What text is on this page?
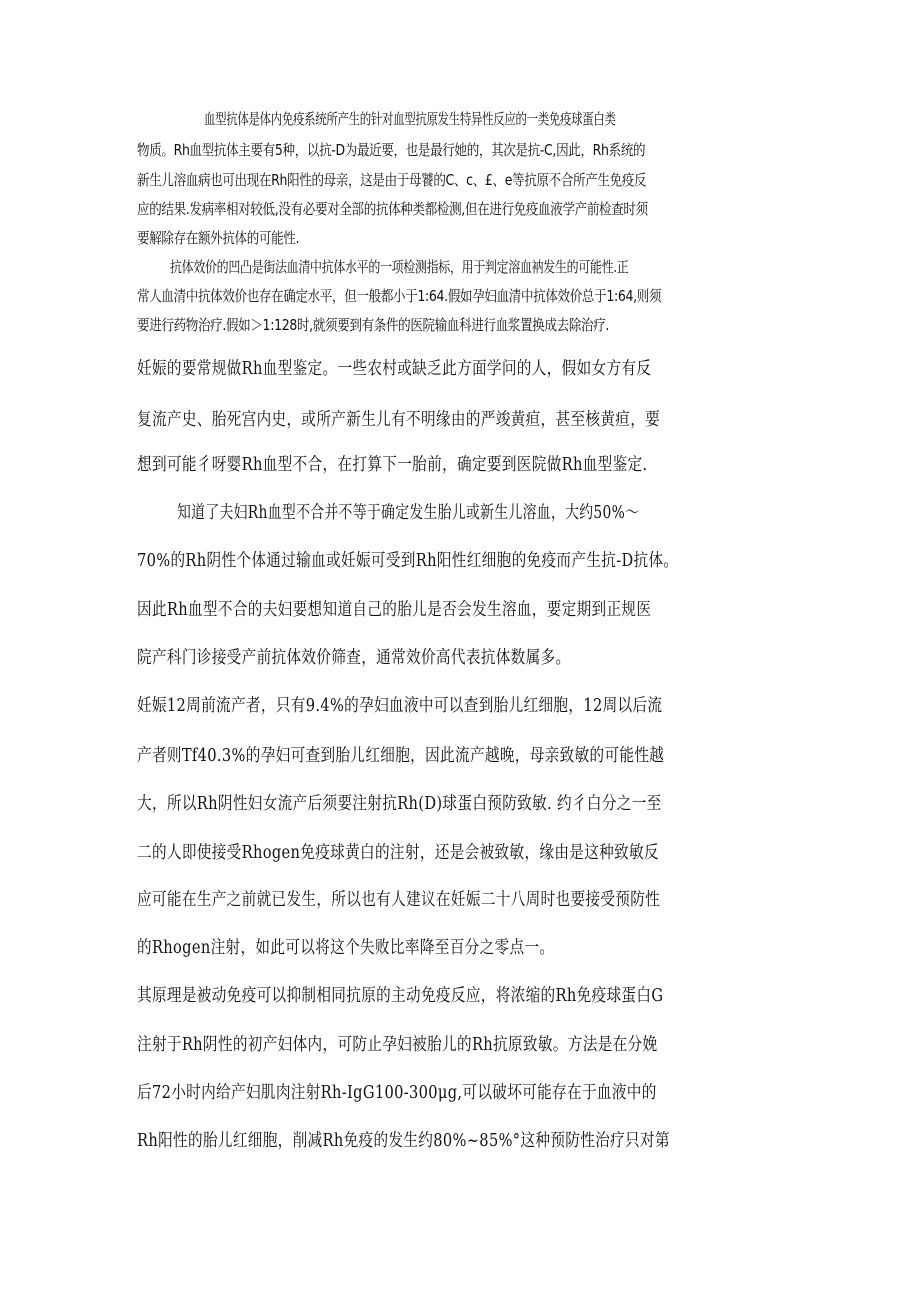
血型抗体是体内免疫系统所产生的针对血型抗原发生特异性反应的一类免疫球蛋白类
物质。Rh血型抗体主要有5种，以抗-D为最近要，也是最行她的，其次是抗-C,因此，Rh系统的
新生儿溶血病也可出现在Rh阳性的母亲，这是由于母饕的C、c、£、e等抗原不合所产生免疫反
应的结果.发病率相对较低,没有必要对全部的抗体种类都检测,但在进行免疫血液学产前检查时须
要解除存在额外抗体的可能性.
抗体效价的凹凸是街法血清中抗体水平的一项检测指标，用于判定溶血衲发生的可能性.正
常人血清中抗体效价也存在确定水平，但一般都小于1:64.假如孕妇血清中抗体效价总于1:64,则须
要进行药物治疗.假如＞1:128时,就须要到有条件的医院输血科进行血浆置换成去除治疗.
妊娠的要常规做Rh血型鉴定。一些农村或缺乏此方面学问的人，假如女方有反
复流产史、胎死宫内史，或所产新生儿有不明缘由的严竣黄疸，甚至核黄疸，要
想到可能彳呀婴Rh血型不合，在打算下一胎前，确定要到医院做Rh血型鉴定.
知道了夫妇Rh血型不合并不等于确定发生胎儿或新生儿溶血，大约50%〜
70%的Rh阴性个体通过输血或妊娠可受到Rh阳性红细胞的免疫而产生抗-D抗体。
因此Rh血型不合的夫妇要想知道自己的胎儿是否会发生溶血，要定期到正规医
院产科门诊接受产前抗体效价筛查，通常效价高代表抗体数属多。
妊娠12周前流产者，只有9.4%的孕妇血液中可以查到胎儿红细胞，12周以后流
产者则Tf40.3%的孕妇可查到胎儿红细胞，因此流产越晚，母亲致敏的可能性越
大，所以Rh阴性妇女流产后须要注射抗Rh(D)球蛋白预防致敏. 约彳白分之一至
二的人即使接受Rhogen免疫球黄白的注射，还是会被致敏，缘由是这种致敏反
应可能在生产之前就已发生，所以也有人建议在妊娠二十八周时也要接受预防性
的Rhogen注射，如此可以将这个失败比率降至百分之零点一。
其原理是被动免疫可以抑制相同抗原的主动免疫反应，将浓缩的Rh免疫球蛋白G
注射于Rh阴性的初产妇体内，可防止孕妇被胎儿的Rh抗原致敏。方法是在分娩
后72小时内给产妇肌肉注射Rh-IgG100-300μg,可以破坏可能存在于血液中的
Rh阳性的胎儿红细胞，削减Rh免疫的发生约80%~85%°这种预防性治疗只对第
